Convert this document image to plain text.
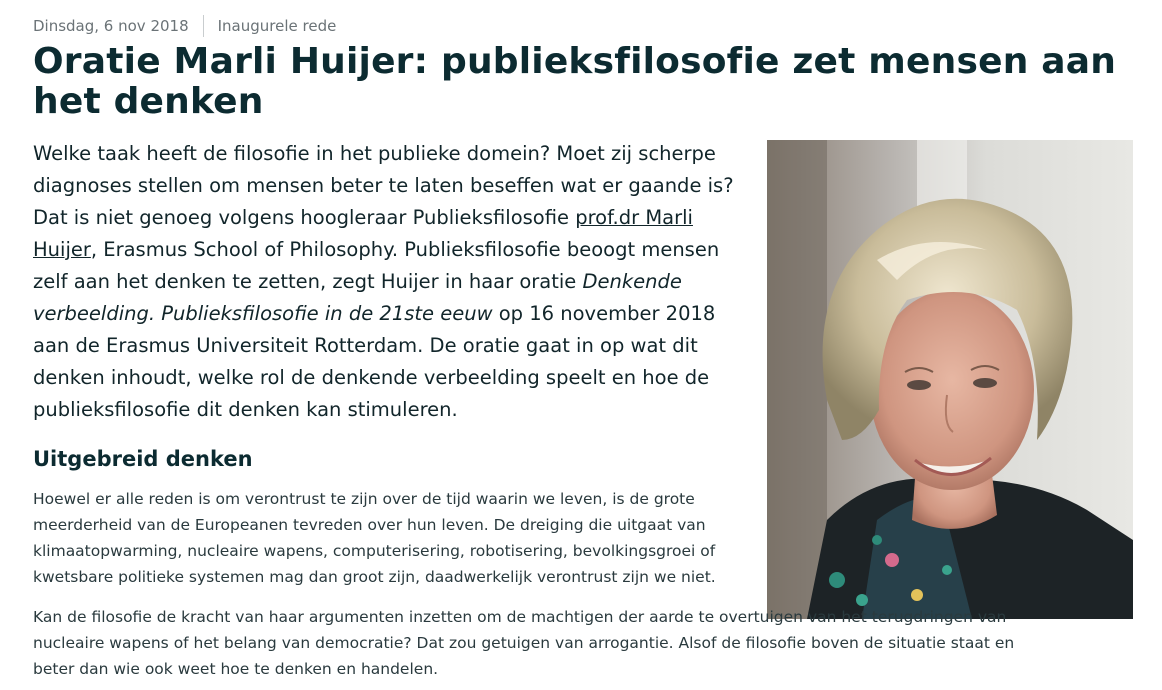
Dinsdag, 6 nov 2018 Inaugurele rede
Oratie Marli Huijer: publieksfilosofie zet mensen aan het denken

Welke taak heeft de filosofie in het publieke domein? Moet zij scherpe diagnoses stellen om mensen beter te laten beseffen wat er gaande is? Dat is niet genoeg volgens hoogleraar Publieksfilosofie prof.dr Marli Huijer, Erasmus School of Philosophy. Publieksfilosofie beoogt mensen zelf aan het denken te zetten, zegt Huijer in haar oratie Denkende verbeelding. Publieksfilosofie in de 21ste eeuw op 16 november 2018 aan de Erasmus Universiteit Rotterdam. De oratie gaat in op wat dit denken inhoudt, welke rol de denkende verbeelding speelt en hoe de publieksfilosofie dit denken kan stimuleren.

Uitgebreid denken

Hoewel er alle reden is om verontrust te zijn over de tijd waarin we leven, is de grote meerderheid van de Europeanen tevreden over hun leven. De dreiging die uitgaat van klimaatopwarming, nucleaire wapens, computerisering, robotisering, bevolkingsgroei of kwetsbare politieke systemen mag dan groot zijn, daadwerkelijk verontrust zijn we niet.

Kan de filosofie de kracht van haar argumenten inzetten om de machtigen der aarde te overtuigen van het terugdringen van nucleaire wapens of het belang van democratie? Dat zou getuigen van arrogantie. Alsof de filosofie boven de situatie staat en beter dan wie ook weet hoe te denken en handelen.
